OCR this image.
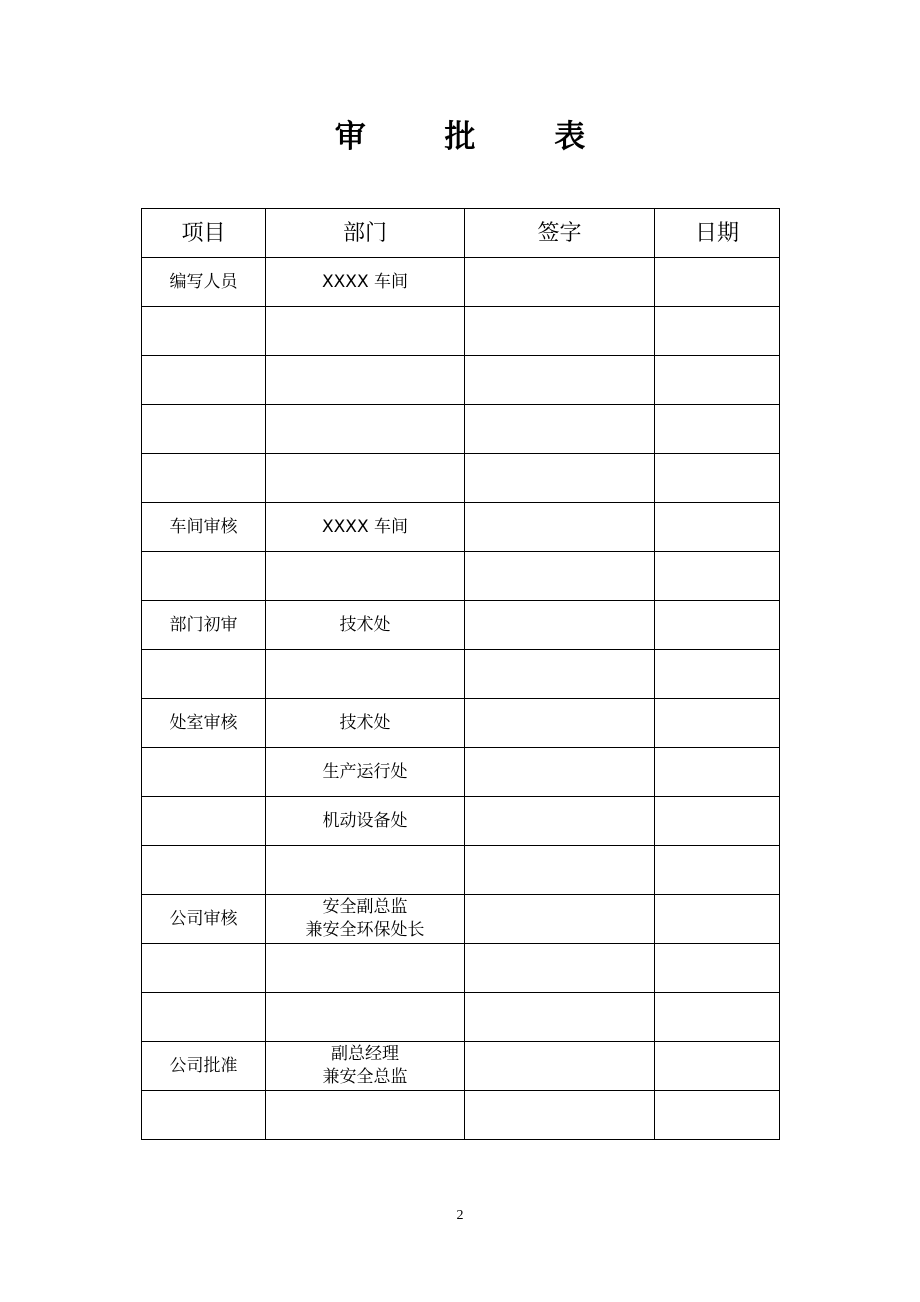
审 批 表
项目	部门	签字	日期
编写人员	XXXX 车间		

车间审核	XXXX 车间		

部门初审	技术处		

处室审核	技术处		

	生产运行处		

	机动设备处		

公司审核	安全副总监
兼安全环保处长		

公司批准	副总经理
兼安全总监		

2
